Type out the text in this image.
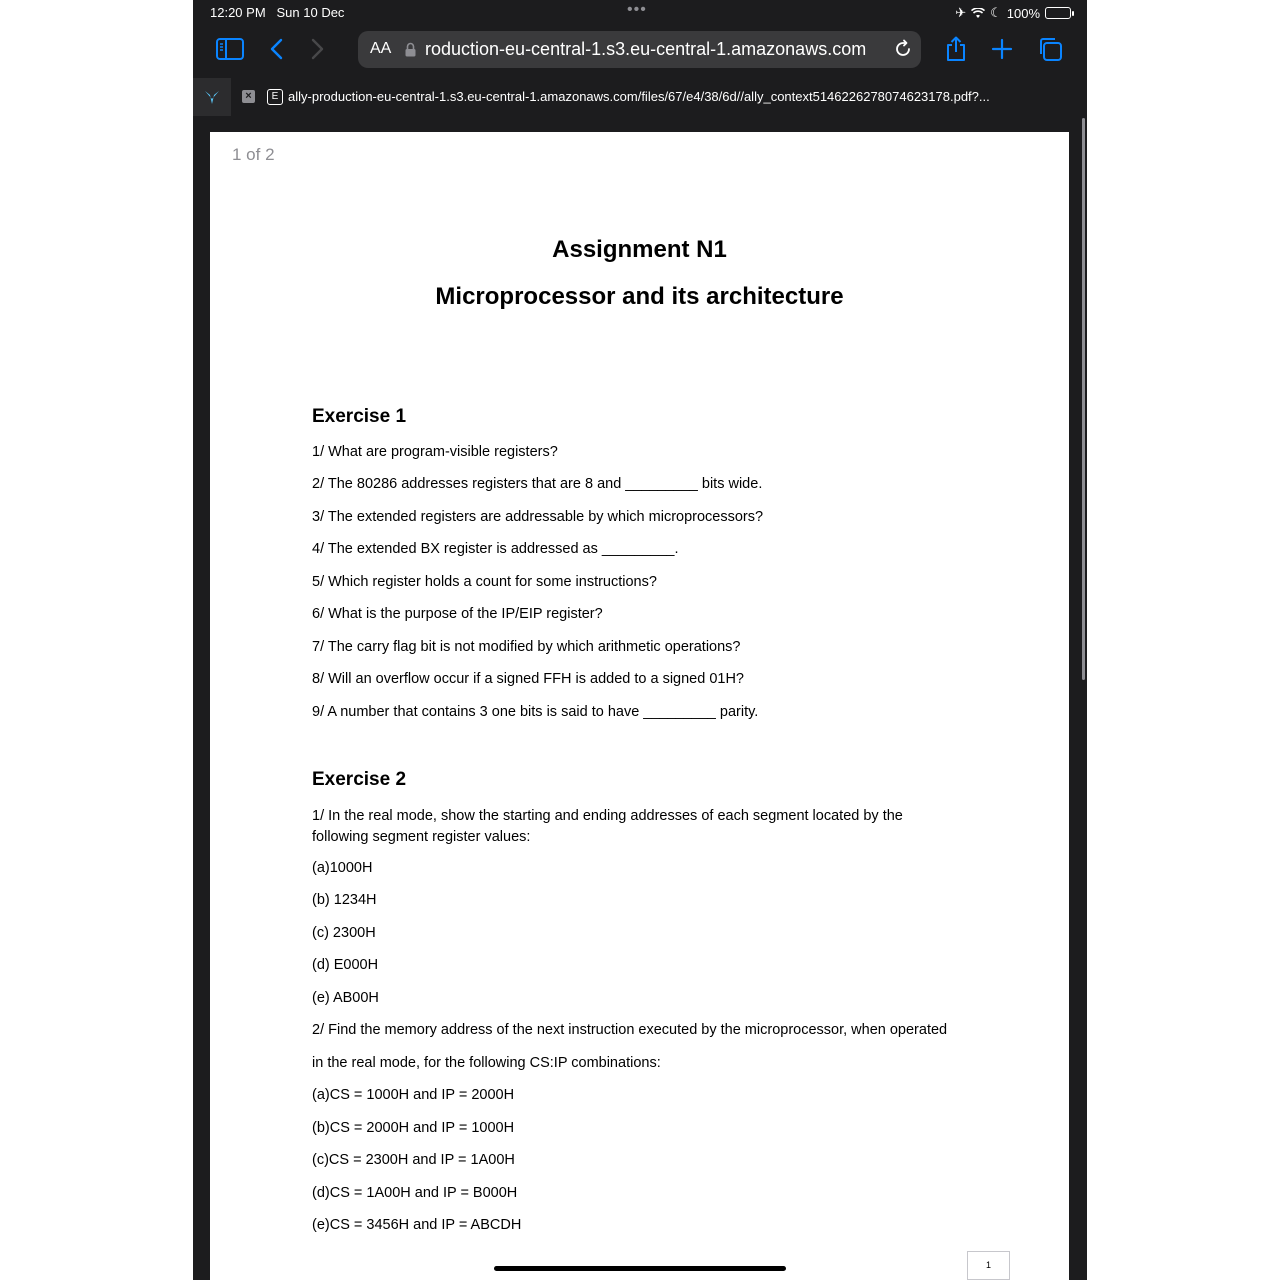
12:20 PM Sun 10 Dec	•••	✈ ☾ 100%
AA roduction-eu-central-1.s3.eu-central-1.amazonaws.com
×	E ally-production-eu-central-1.s3.eu-central-1.amazonaws.com/files/67/e4/38/6d//ally_context5146226278074623178.pdf?...
1 of 2
Assignment N1
Microprocessor and its architecture
Exercise 1
1/ What are program-visible registers?
2/ The 80286 addresses registers that are 8 and _________ bits wide.
3/ The extended registers are addressable by which microprocessors?
4/ The extended BX register is addressed as _________.
5/ Which register holds a count for some instructions?
6/ What is the purpose of the IP/EIP register?
7/ The carry flag bit is not modified by which arithmetic operations?
8/ Will an overflow occur if a signed FFH is added to a signed 01H?
9/ A number that contains 3 one bits is said to have _________ parity.
Exercise 2
1/ In the real mode, show the starting and ending addresses of each segment located by the following segment register values:
(a)1000H
(b) 1234H
(c) 2300H
(d) E000H
(e) AB00H
2/ Find the memory address of the next instruction executed by the microprocessor, when operated
in the real mode, for the following CS:IP combinations:
(a)CS = 1000H and IP = 2000H
(b)CS = 2000H and IP = 1000H
(c)CS = 2300H and IP = 1A00H
(d)CS = 1A00H and IP = B000H
(e)CS = 3456H and IP = ABCDH
1
